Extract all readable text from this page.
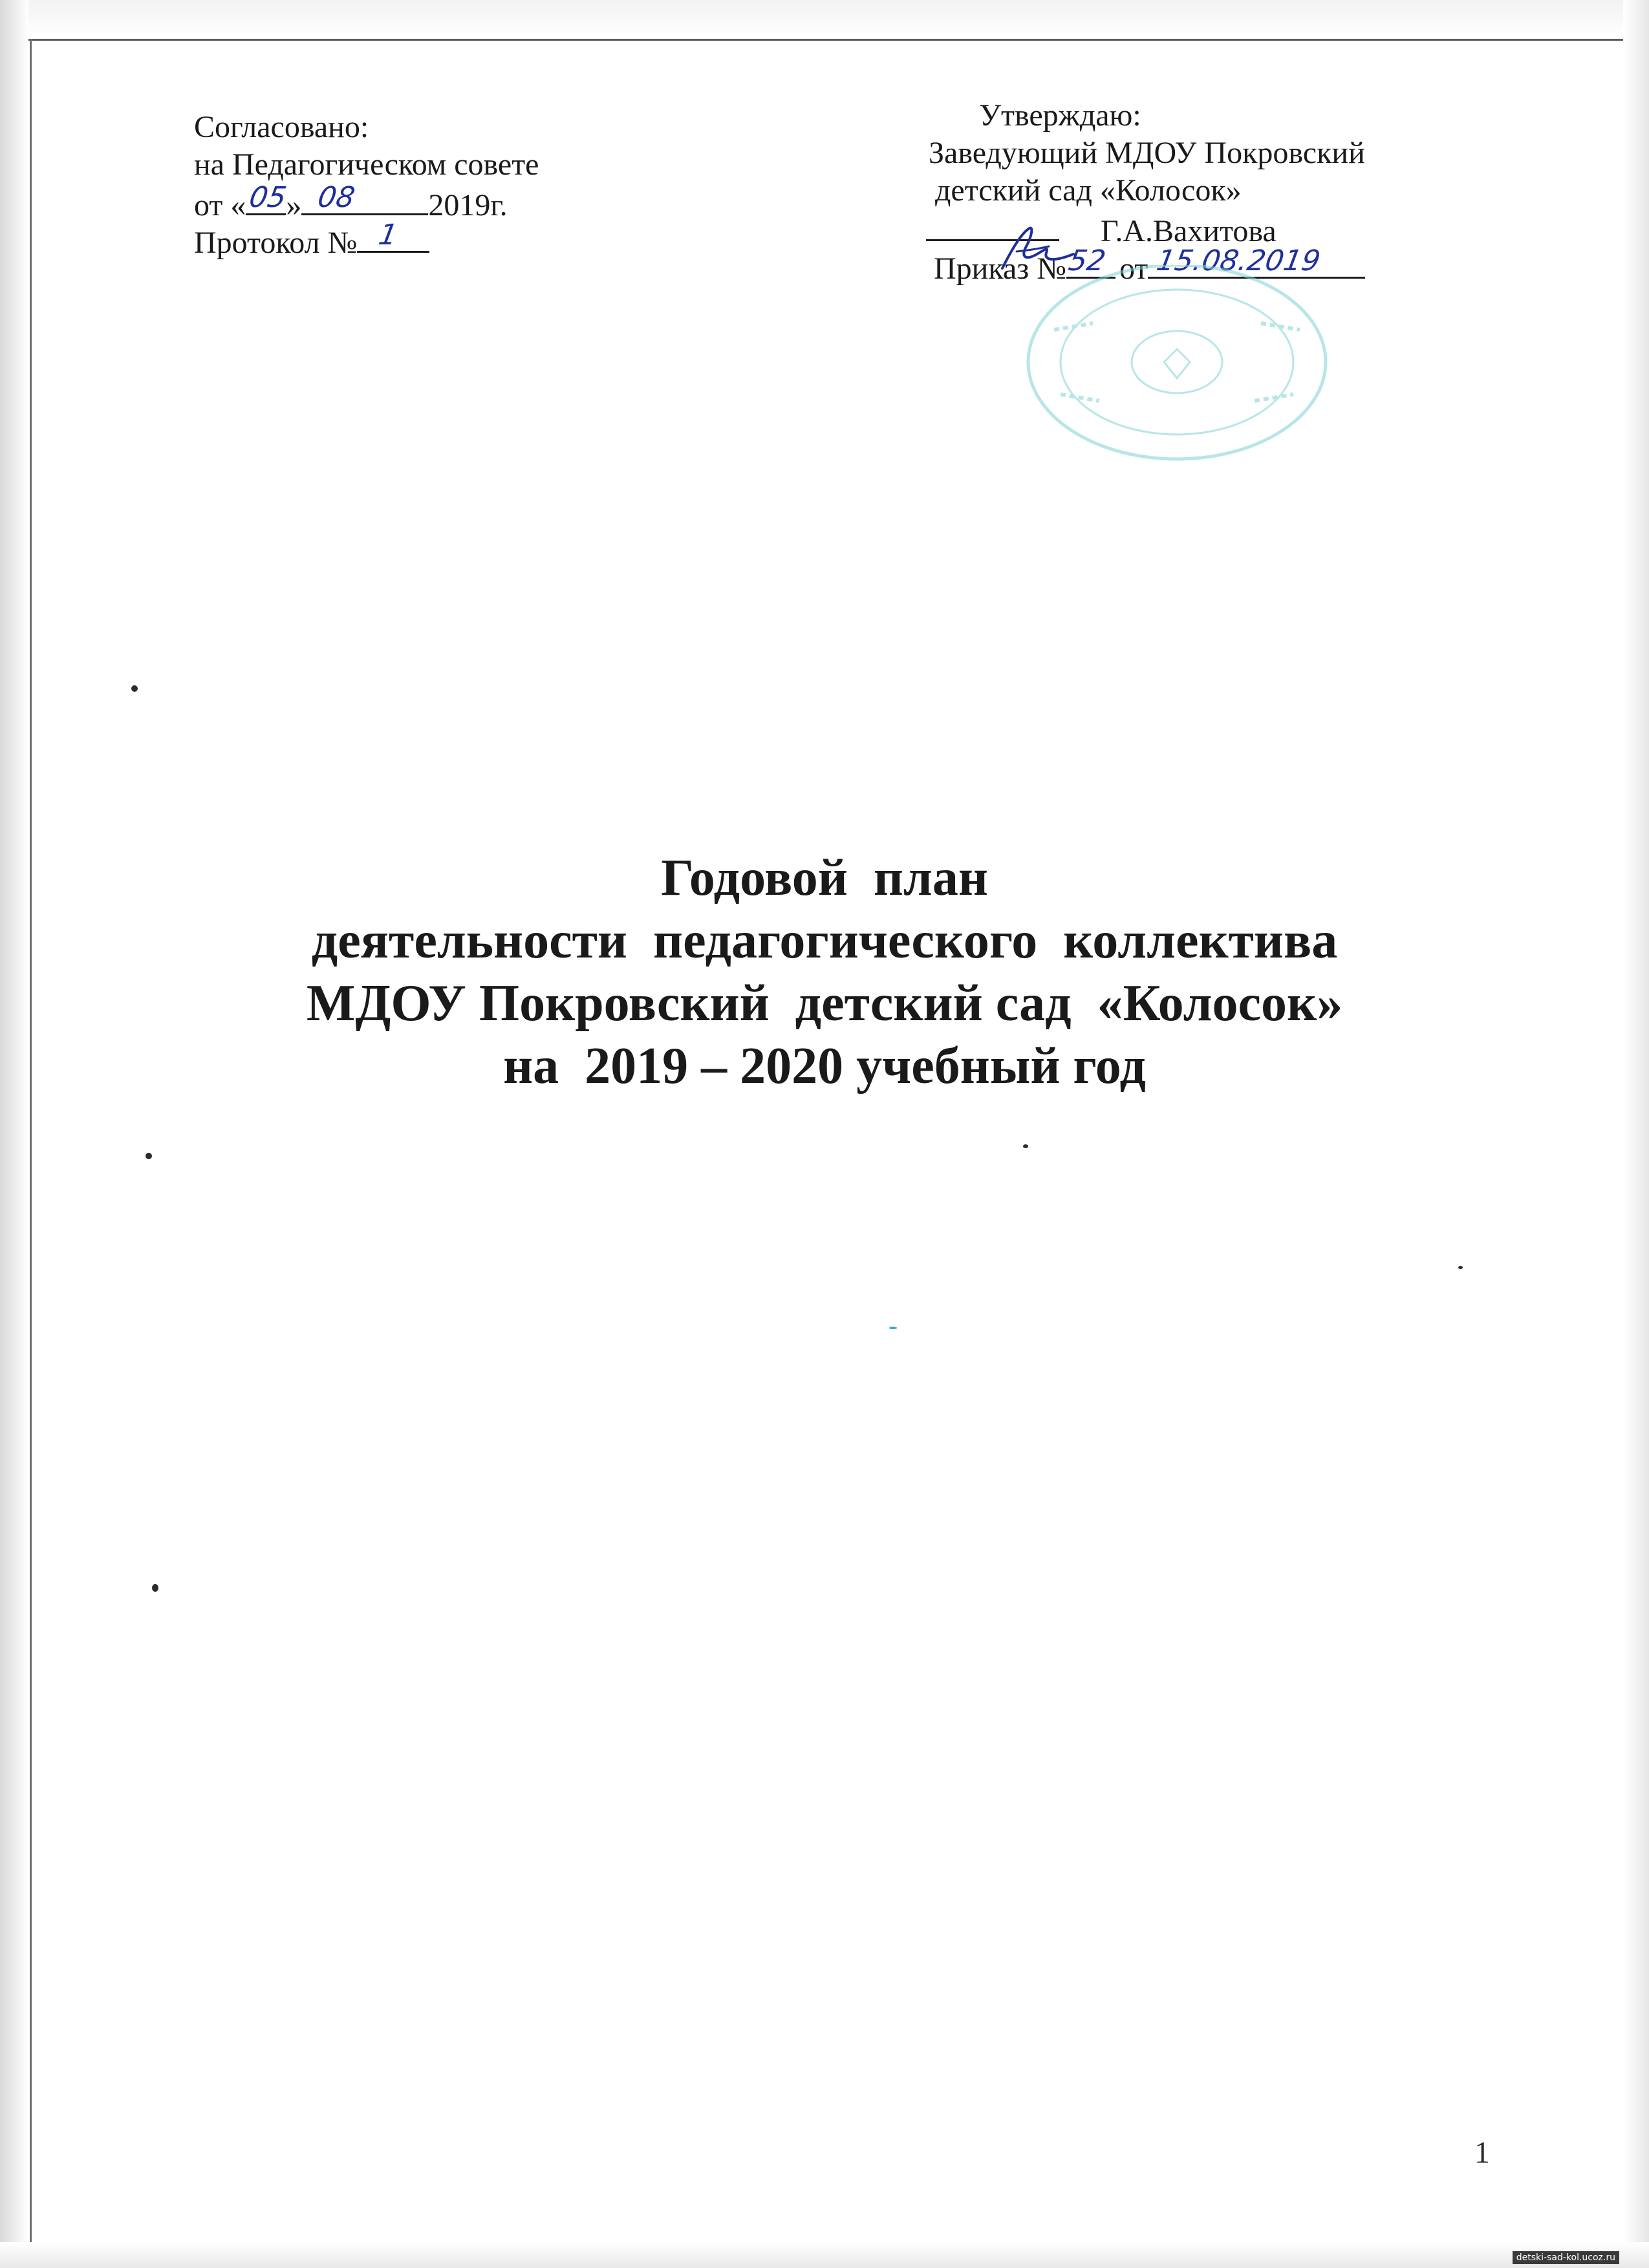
Согласовано:
на Педагогическом совете
от « 05
» 08 2019г.
Протокол № 1
Утверждаю:
Заведующий МДОУ Покровский
детский сад «Колосок»
Г.А.Вахитова
Приказ № 52 от 15.08.2019
Годовой  план
деятельности  педагогического  коллектива
МДОУ Покровский  детский сад  «Колосок»
на  2019 – 2020 учебный год
1
detski-sad-kol.ucoz.ru
